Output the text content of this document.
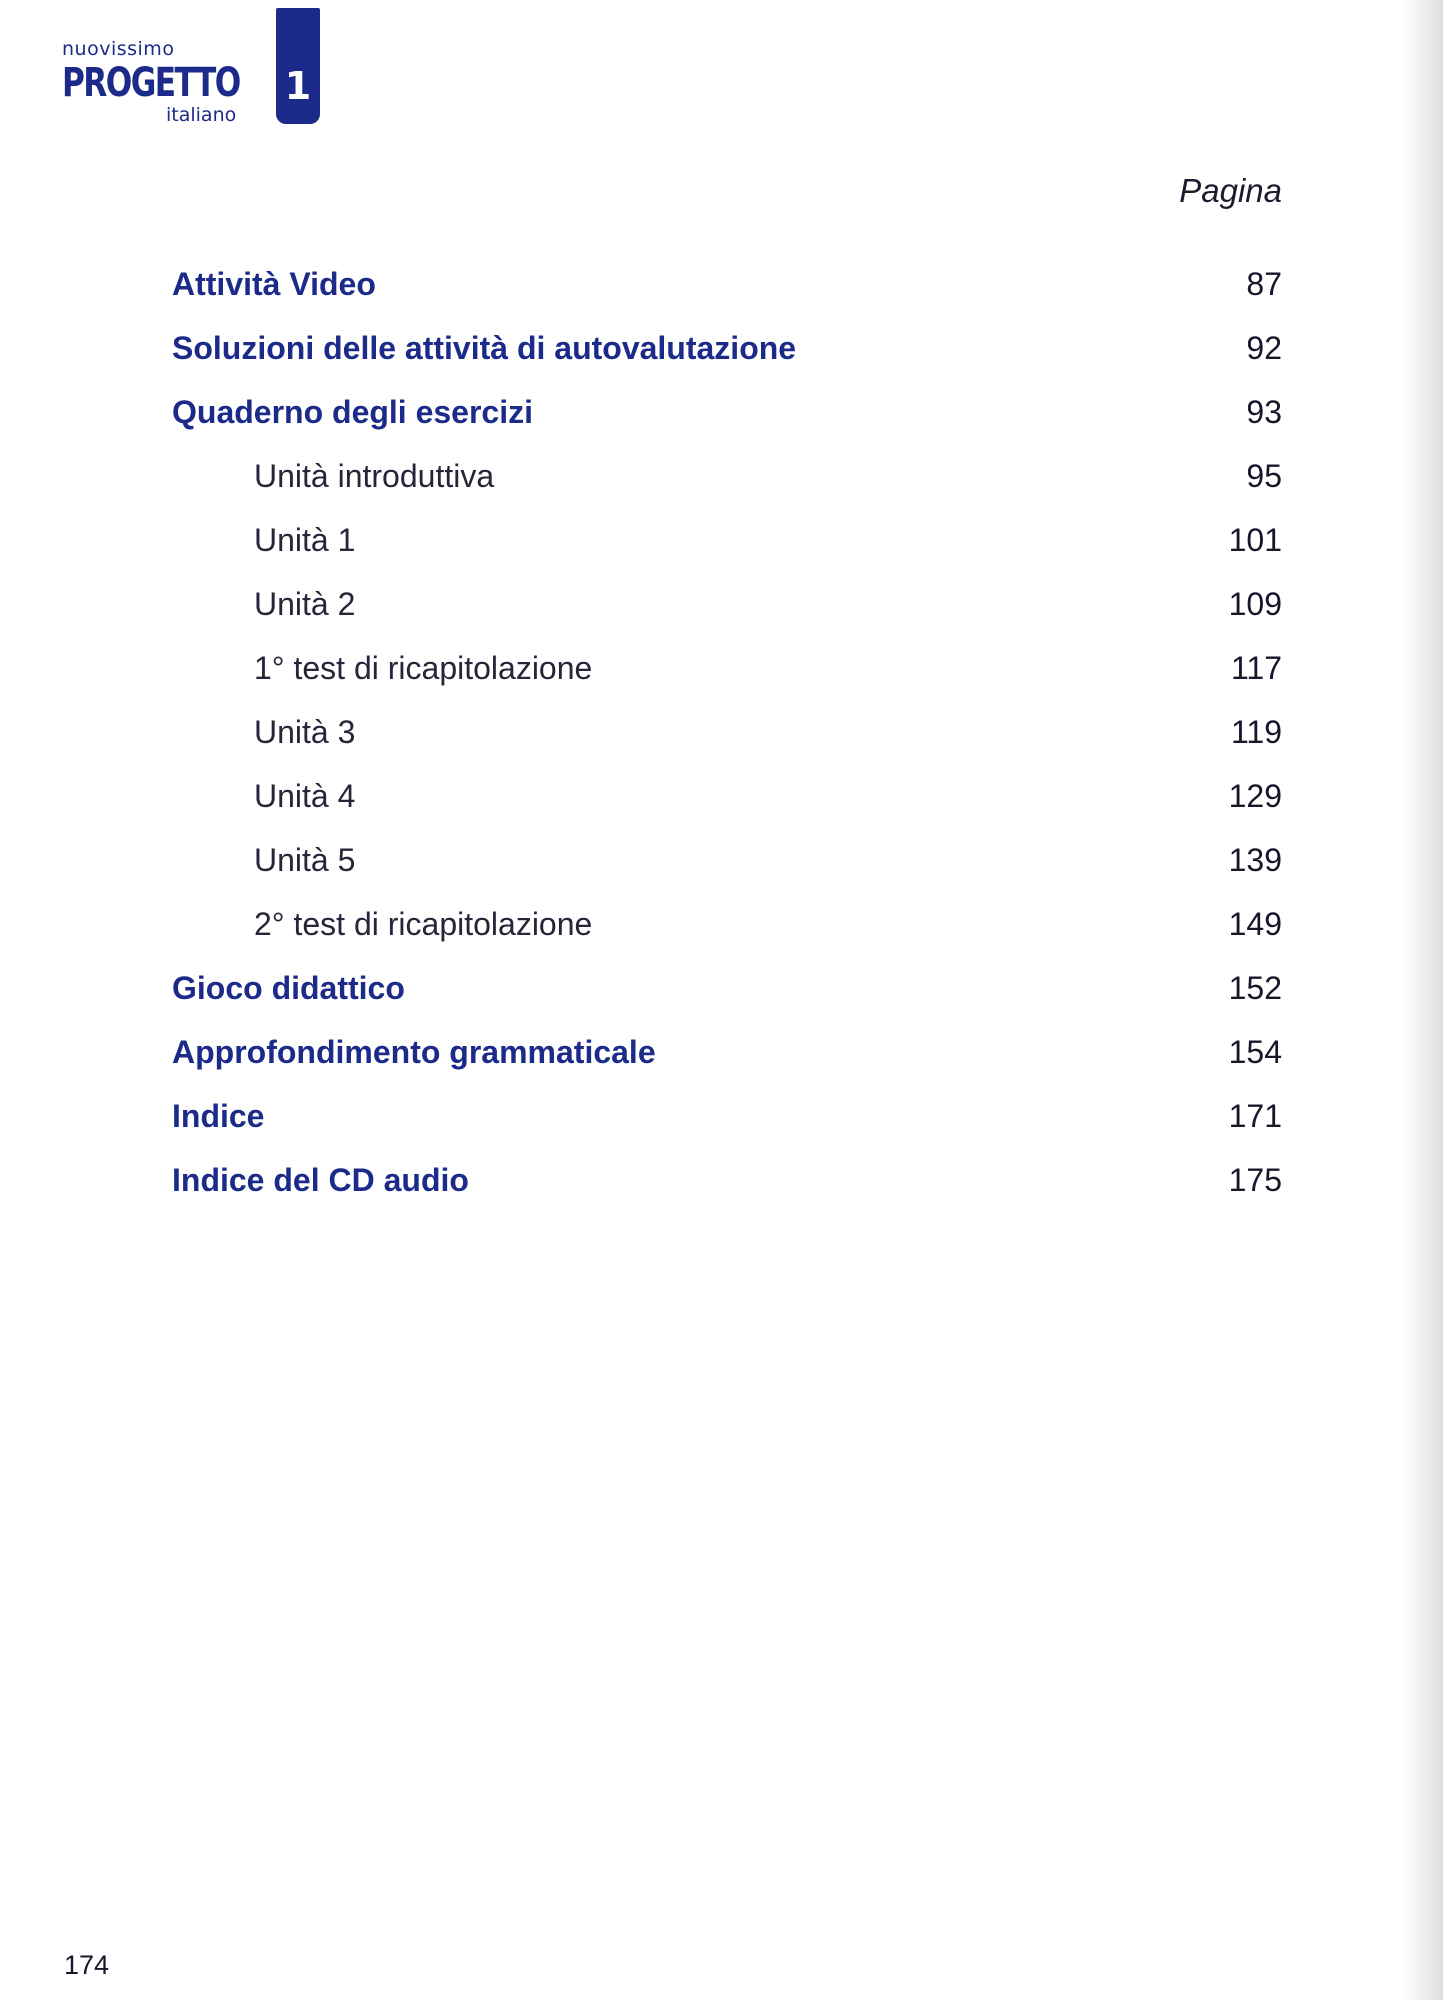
nuovissimo
PROGETTO
italiano
1
Pagina
Attività Video	87
Soluzioni delle attività di autovalutazione	92
Quaderno degli esercizi	93
Unità introduttiva	95
Unità 1	101
Unità 2	109
1° test di ricapitolazione	117
Unità 3	119
Unità 4	129
Unità 5	139
2° test di ricapitolazione	149
Gioco didattico	152
Approfondimento grammaticale	154
Indice	171
Indice del CD audio	175
174
